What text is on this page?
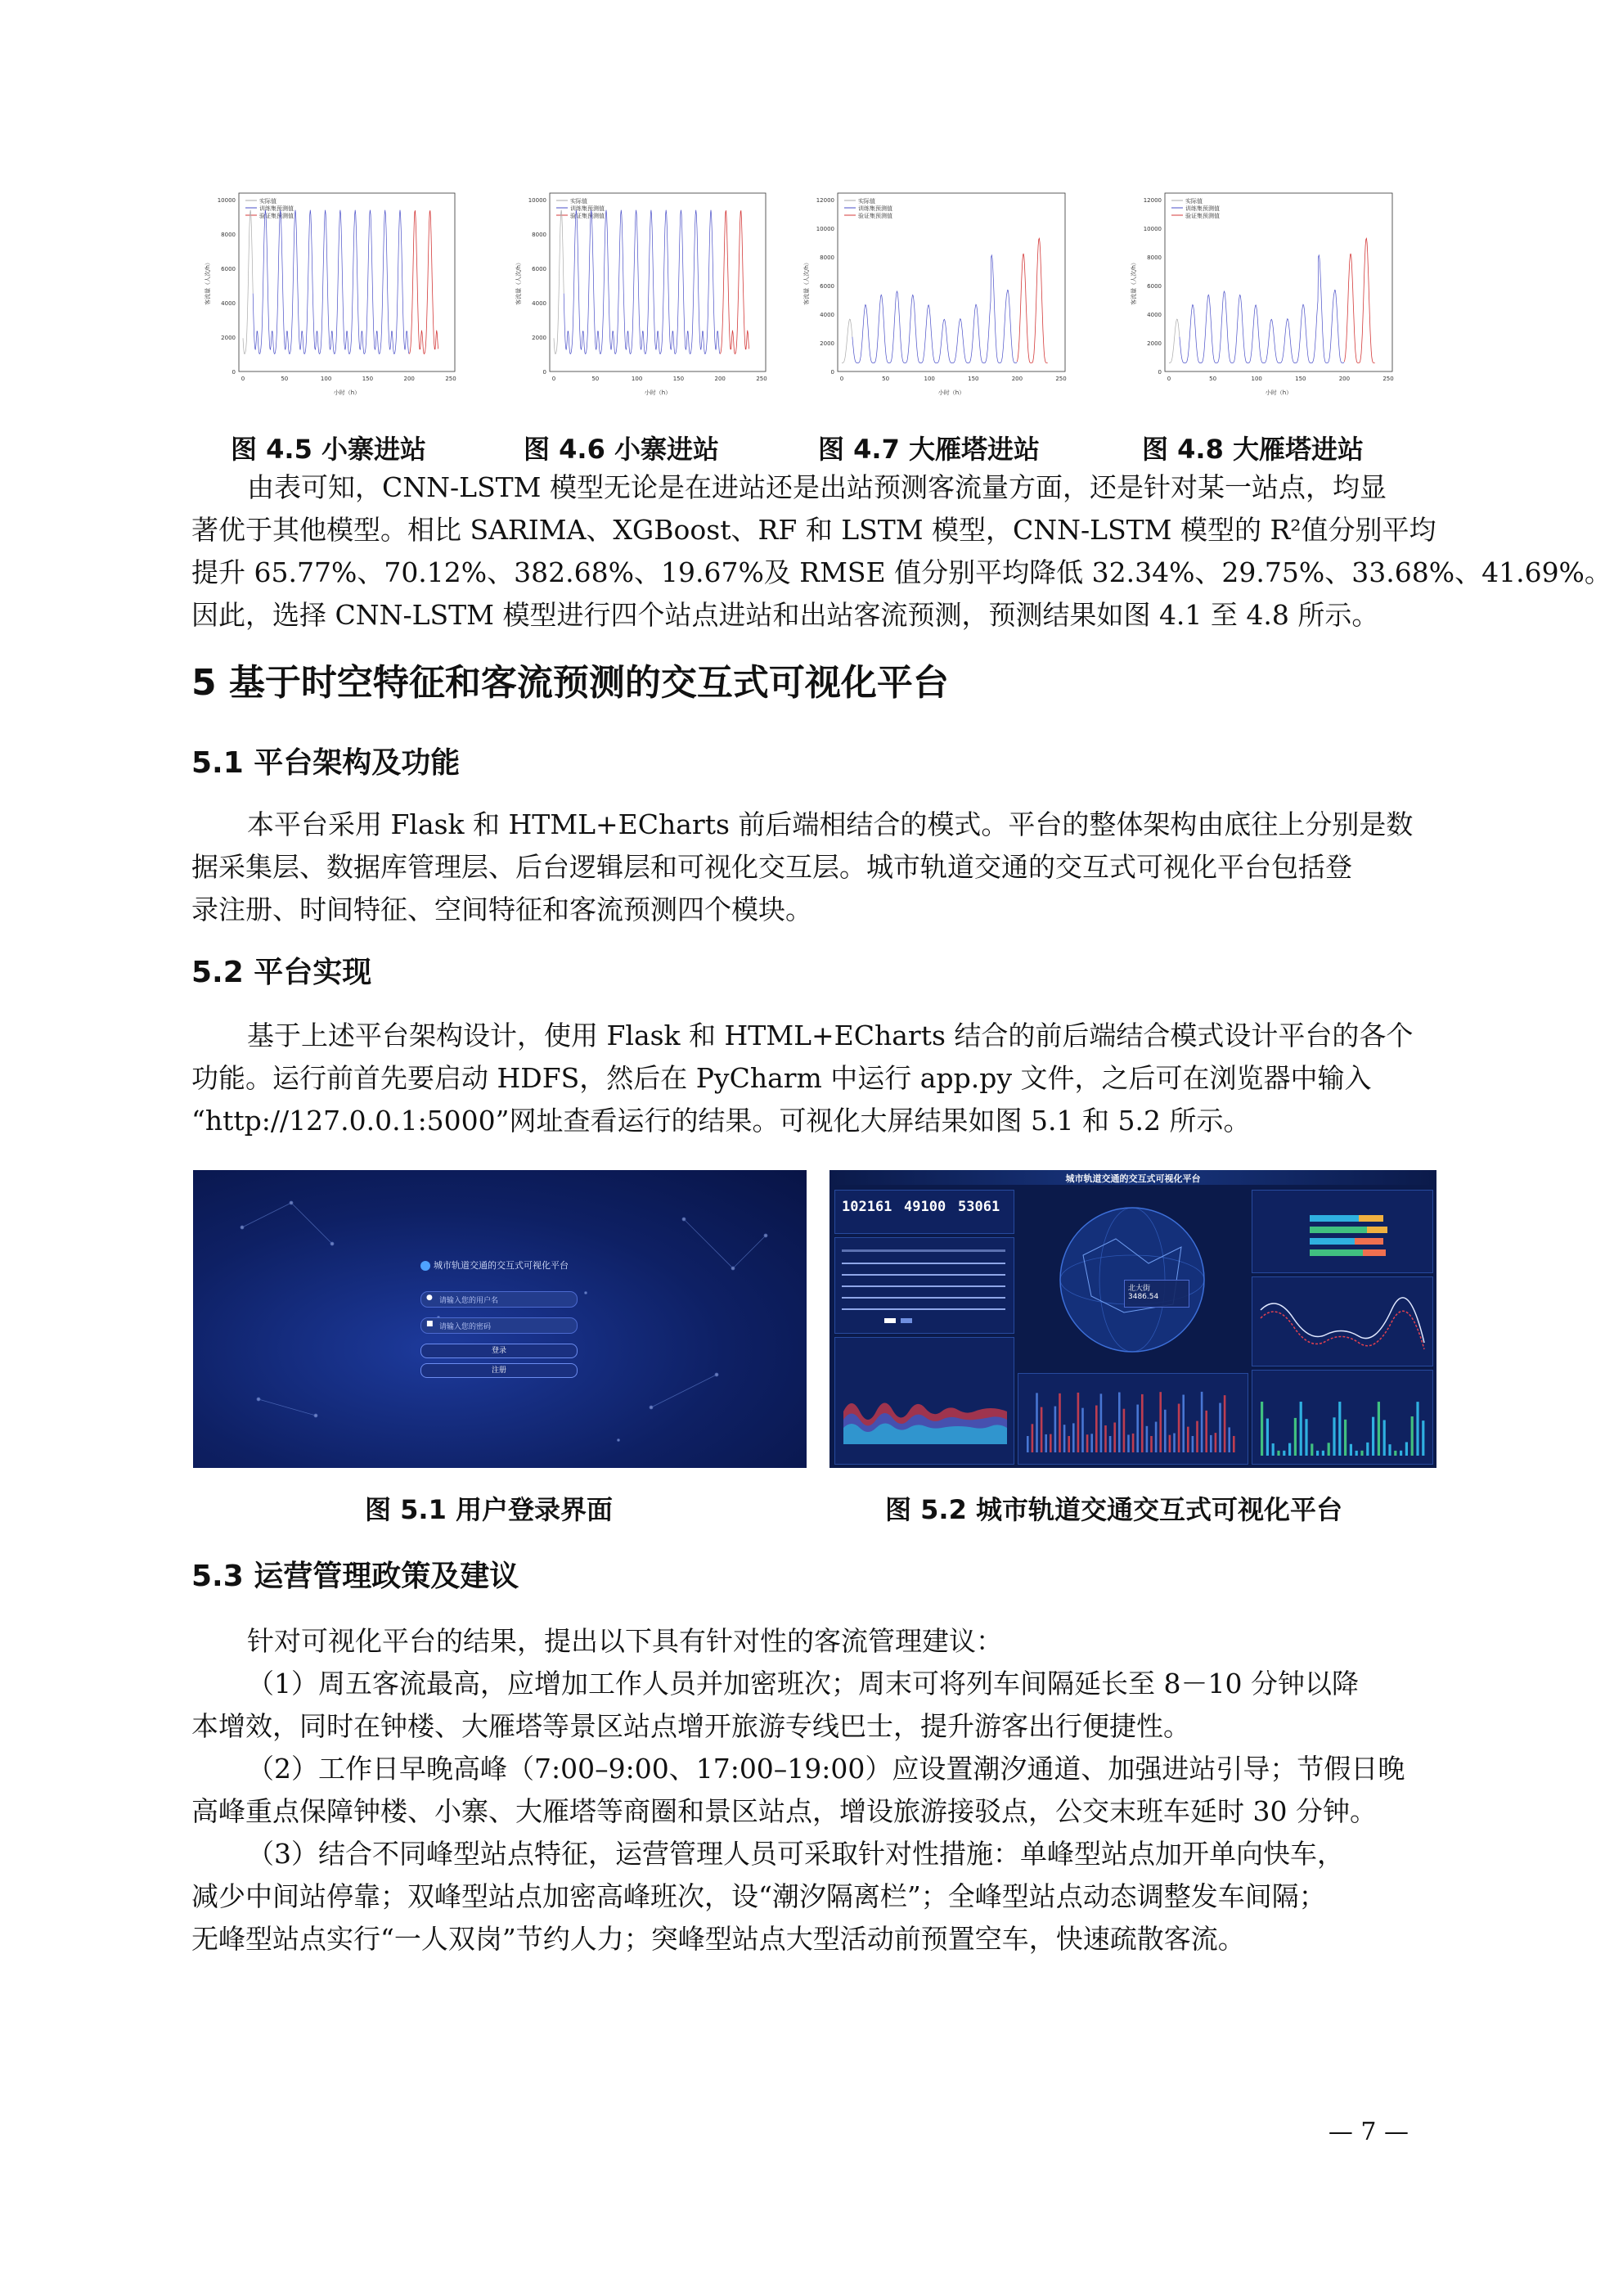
0
2000
4000
6000
8000
10000
0	50	100	150	200	250
小时（h）
客流量（人次/h）
实际值
训练集预测值
验证集预测值
0
2000
4000
6000
8000
10000
0	50	100	150	200	250
小时（h）
客流量（人次/h）
实际值
训练集预测值
验证集预测值
0
2000
4000
6000
8000
10000
12000
0	50	100	150	200	250
小时（h）
客流量（人次/h）
实际值
训练集预测值
验证集预测值
0
2000
4000
6000
8000
10000
12000
0	50	100	150	200	250
小时（h）
客流量（人次/h）
实际值
训练集预测值
验证集预测值
图 4.5 小寨进站	图 4.6 小寨进站	图 4.7 大雁塔进站	图 4.8 大雁塔进站
由表可知，CNN-LSTM 模型无论是在进站还是出站预测客流量方面，还是针对某一站点，均显
著优于其他模型。相比 SARIMA、XGBoost、RF 和 LSTM 模型，CNN-LSTM 模型的 R²值分别平均
提升 65.77%、70.12%、382.68%、19.67%及 RMSE 值分别平均降低 32.34%、29.75%、33.68%、41.69%。
因此，选择 CNN-LSTM 模型进行四个站点进站和出站客流预测，预测结果如图 4.1 至 4.8 所示。
5 基于时空特征和客流预测的交互式可视化平台
5.1 平台架构及功能
本平台采用 Flask 和 HTML+ECharts 前后端相结合的模式。平台的整体架构由底往上分别是数
据采集层、数据库管理层、后台逻辑层和可视化交互层。城市轨道交通的交互式可视化平台包括登
录注册、时间特征、空间特征和客流预测四个模块。
5.2 平台实现
基于上述平台架构设计，使用 Flask 和 HTML+ECharts 结合的前后端结合模式设计平台的各个
功能。运行前首先要启动 HDFS，然后在 PyCharm 中运行 app.py 文件，之后可在浏览器中输入
“http://127.0.0.1:5000”网址查看运行的结果。可视化大屏结果如图 5.1 和 5.2 所示。
城市轨道交通的交互式可视化平台
● 请输入您的用户名
■ 请输入您的密码
登录
注册
城市轨道交通的交互式可视化平台
102161 49100 53061
北大街
3486.54
图 5.1 用户登录界面	图 5.2 城市轨道交通交互式可视化平台
5.3 运营管理政策及建议
针对可视化平台的结果，提出以下具有针对性的客流管理建议：
（1）周五客流最高，应增加工作人员并加密班次；周末可将列车间隔延长至 8－10 分钟以降
本增效，同时在钟楼、大雁塔等景区站点增开旅游专线巴士，提升游客出行便捷性。
（2）工作日早晚高峰（7:00–9:00、17:00–19:00）应设置潮汐通道、加强进站引导；节假日晚
高峰重点保障钟楼、小寨、大雁塔等商圈和景区站点，增设旅游接驳点，公交末班车延时 30 分钟。
（3）结合不同峰型站点特征，运营管理人员可采取针对性措施：单峰型站点加开单向快车，
减少中间站停靠；双峰型站点加密高峰班次，设“潮汐隔离栏”；全峰型站点动态调整发车间隔；
无峰型站点实行“一人双岗”节约人力；突峰型站点大型活动前预置空车，快速疏散客流。
— 7 —
